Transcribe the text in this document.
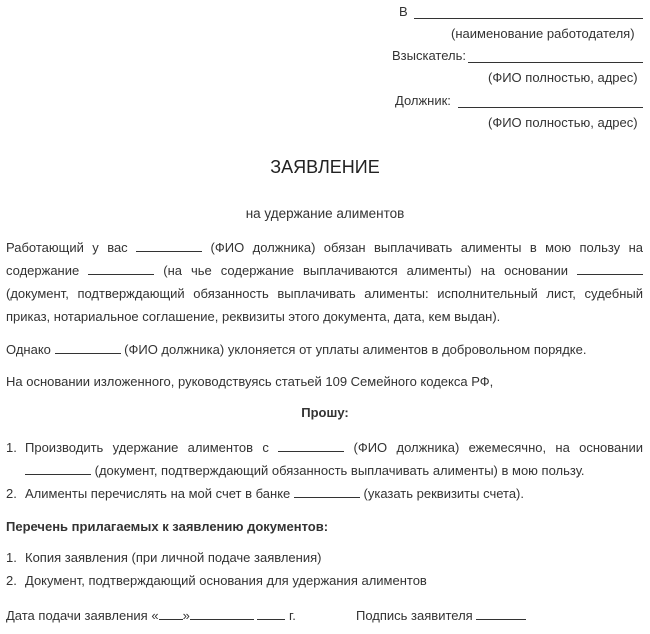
В
(наименование работодателя)
Взыскатель:
(ФИО полностью, адрес)
Должник:
(ФИО полностью, адрес)
ЗАЯВЛЕНИЕ
на удержание алиментов
Работающий у вас	(ФИО должника) обязан выплачивать алименты в мою пользу на
содержание	(на чье содержание выплачиваются алименты) на основании
(документ, подтверждающий обязанность выплачивать алименты: исполнительный лист, судебный
приказ, нотариальное соглашение, реквизиты этого документа, дата, кем выдан).
Однако	(ФИО должника) уклоняется от уплаты алиментов в добровольном порядке.
На основании изложенного, руководствуясь статьей 109 Семейного кодекса РФ,
Прошу:
1. Производить удержание алиментов с	(ФИО должника) ежемесячно, на основании
(документ, подтверждающий обязанность выплачивать алименты) в мою пользу.
2. Алименты перечислять на мой счет в банке	(указать реквизиты счета).
Перечень прилагаемых к заявлению документов:
1. Копия заявления (при личной подаче заявления)
2. Документ, подтверждающий основания для удержания алиментов
Дата подачи заявления « »	г.	Подпись заявителя
